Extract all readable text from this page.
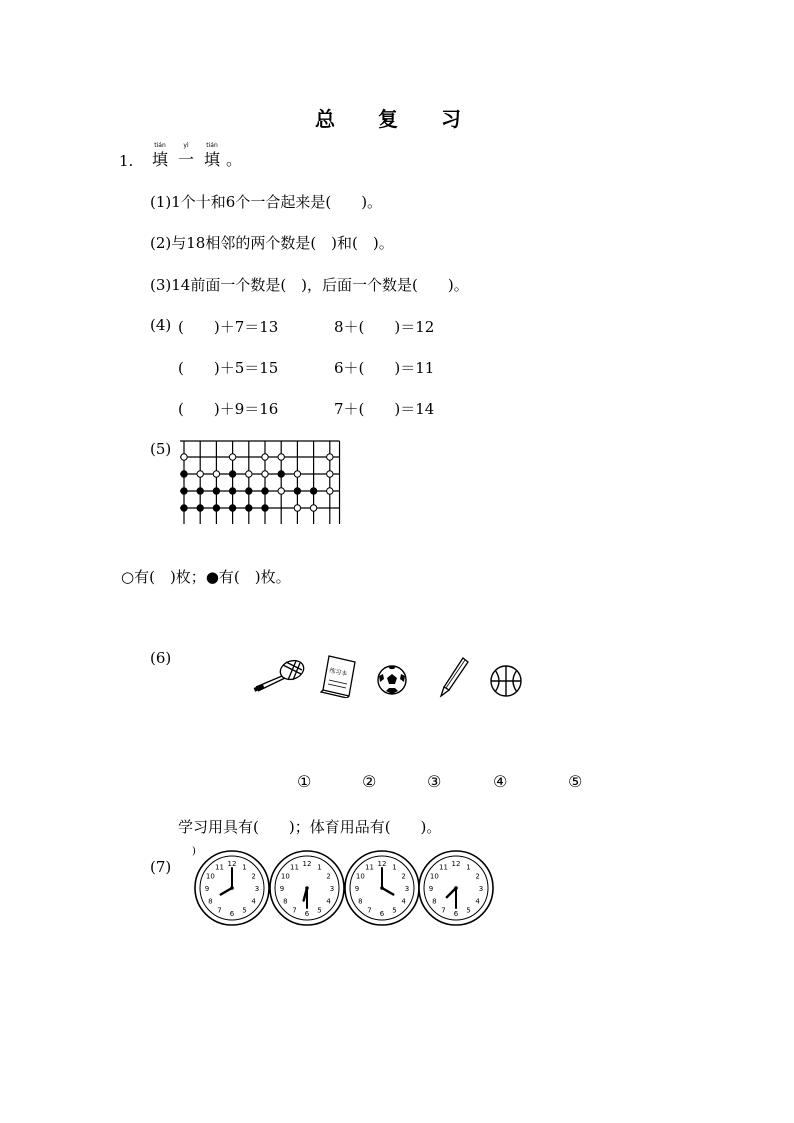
总 复 习
1.
tián
填
yì
一
tián
填
。
(1)1个十和6个一合起来是(　　)。
(2)与18相邻的两个数是(　)和(　)。
(3)14前面一个数是(　)，后面一个数是(　　)。
(4) (　　)＋7＝13	8＋(　　)＝12
(　　)＋5＝15	6＋(　　)＝11
(　　)＋9＝16	7＋(　　)＝14
(5)
○有(　)枚；●有(　)枚。
(6)
练习本
①	②	③	④	⑤
学习用具有(　　)；体育用品有(　　)。
(7)
)
12 1
2
3
4
5
6
7
8
9
10
11	12 1
2
3
4
5
6
7
8
9
10
11	12 1
2
3
4
5
6
7
8
9
10
11	12 1
2
3
4
5
6
7
8
9
10
11
